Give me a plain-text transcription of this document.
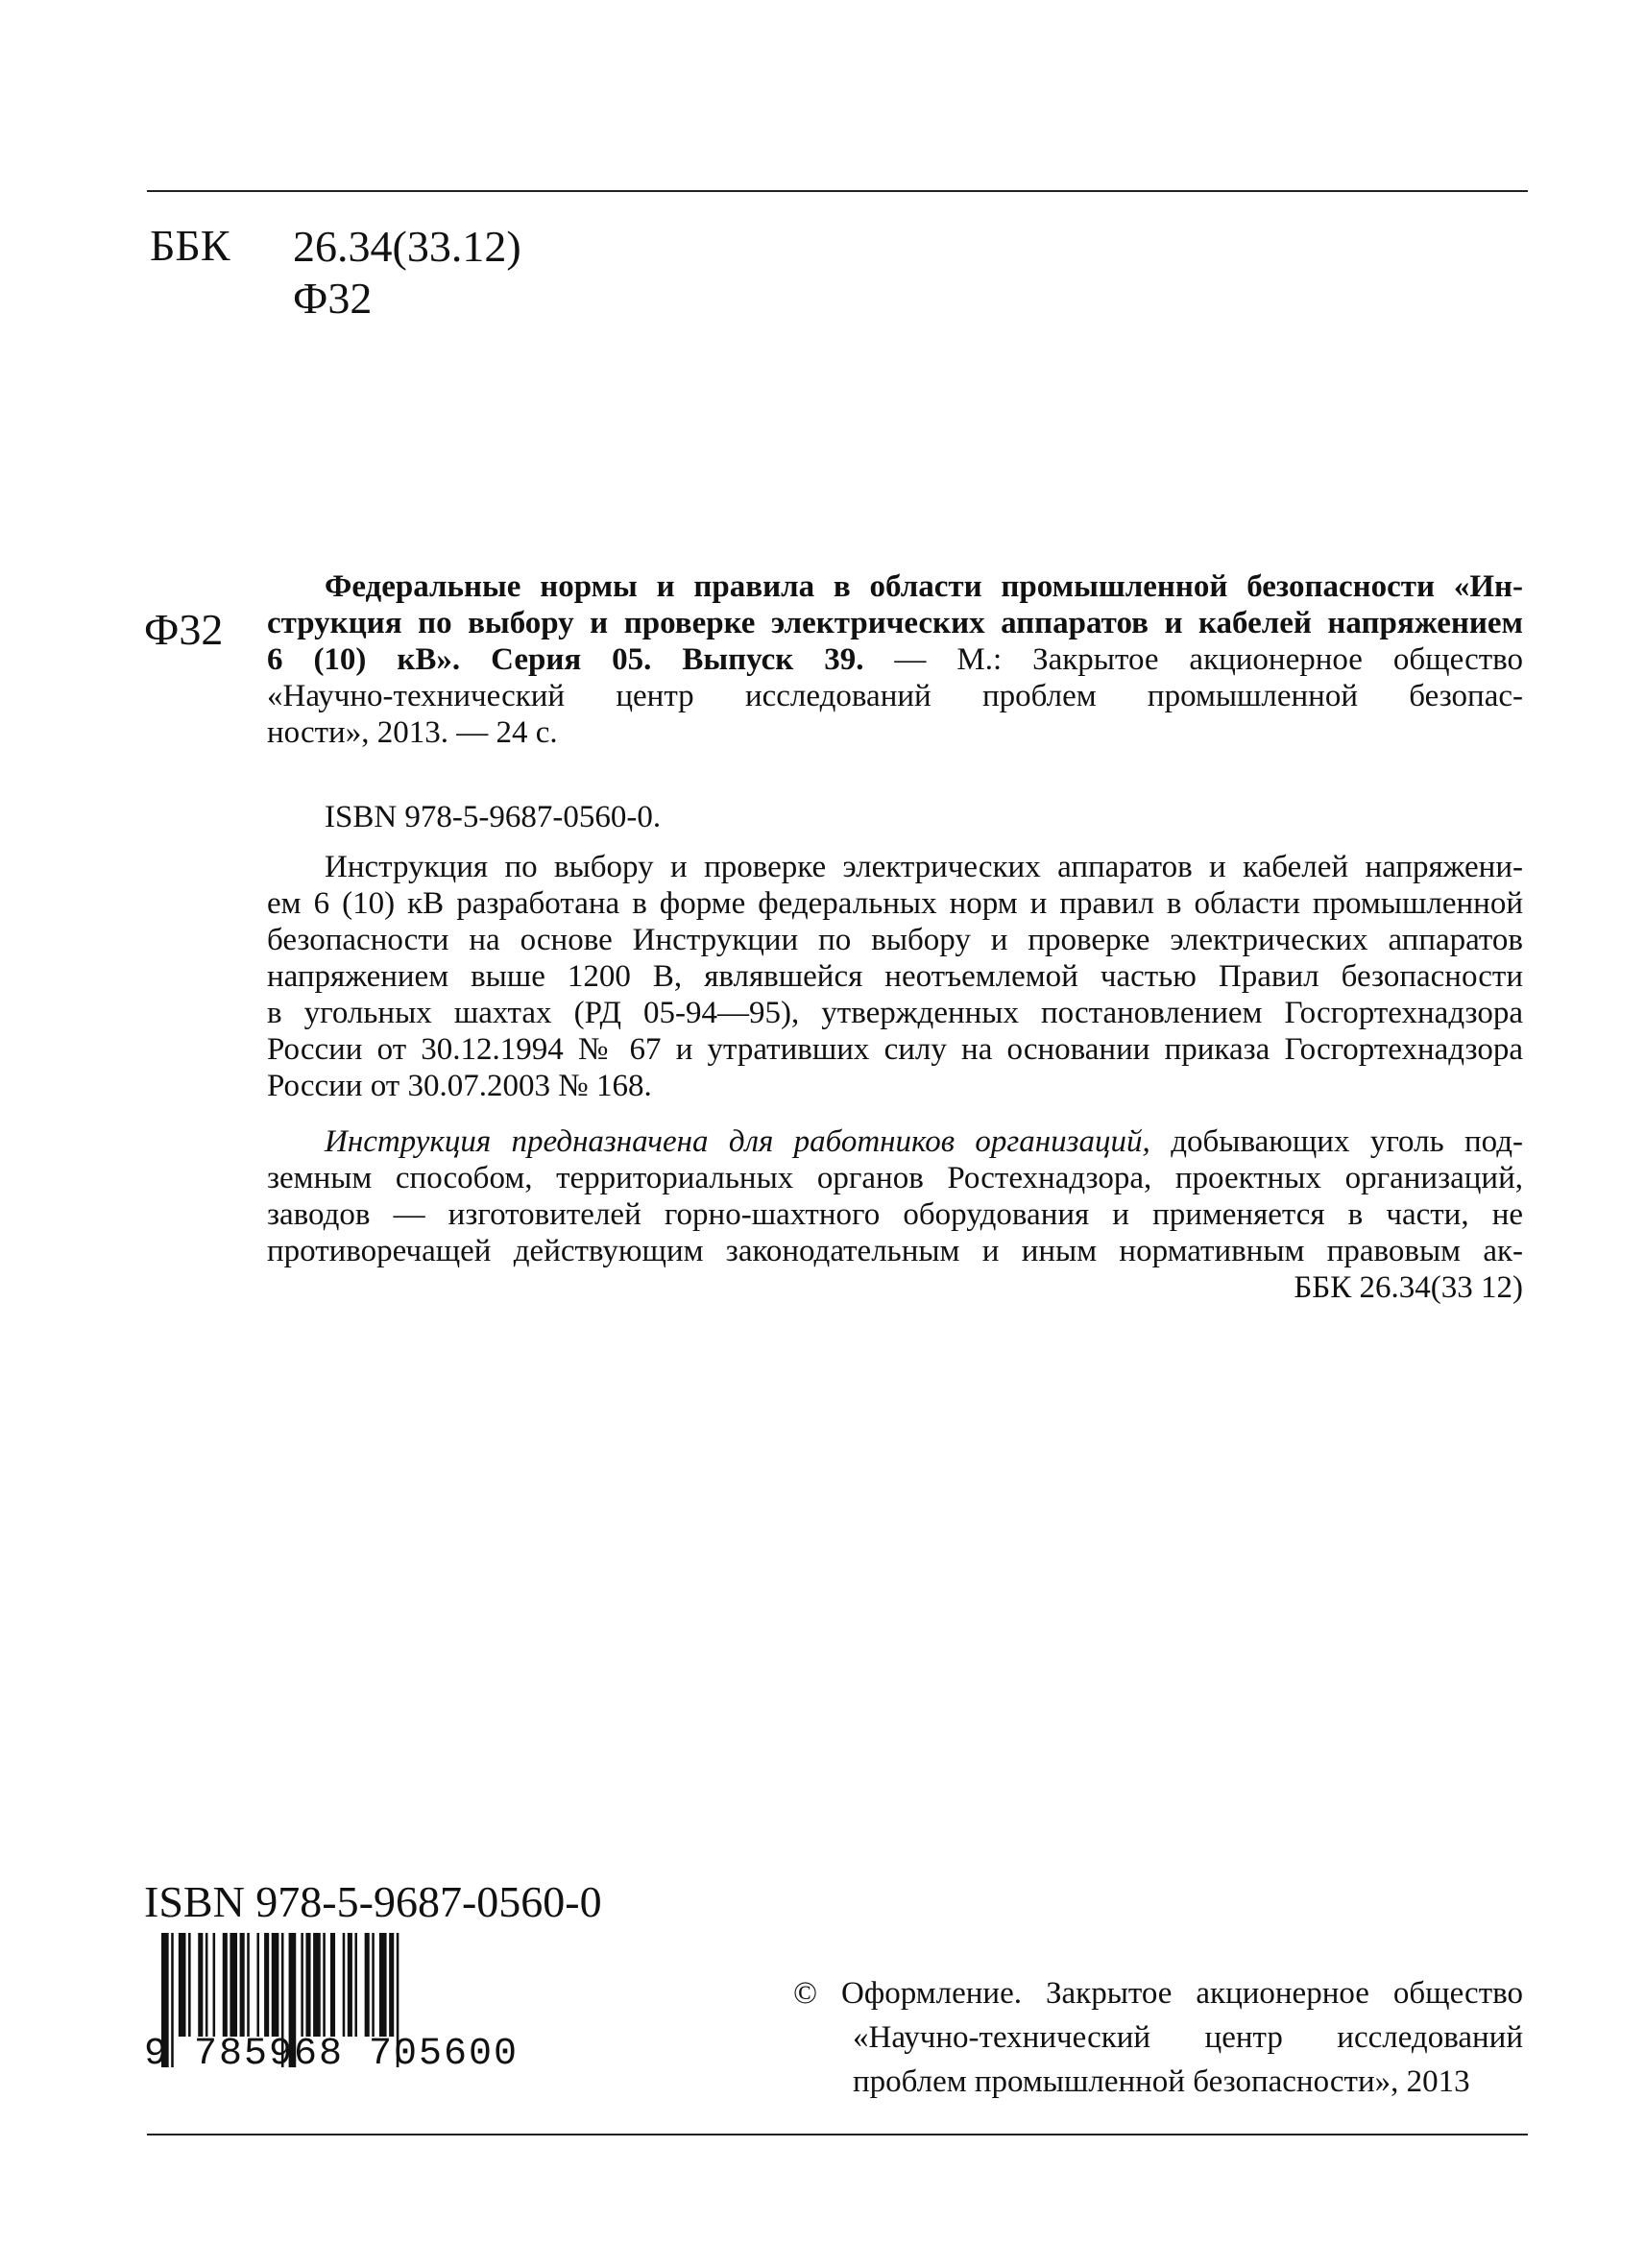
ББК 26.34(33.12)
Ф32
Ф32
Федеральные нормы и правила в области промышленной безопасности «Ин-
струкция по выбору и проверке электрических аппаратов и кабелей напряжением
6 (10) кВ». Серия 05. Выпуск 39. — М.: Закрытое акционерное общество
«Научно-технический центр исследований проблем промышленной безопас-
ности», 2013. — 24 с.
ISBN 978-5-9687-0560-0.
Инструкция по выбору и проверке электрических аппаратов и кабелей напряжени-
ем 6 (10) кВ разработана в форме федеральных норм и правил в области промышленной
безопасности на основе Инструкции по выбору и проверке электрических аппаратов
напряжением выше 1200 В, являвшейся неотъемлемой частью Правил безопасности
в угольных шахтах (РД 05-94—95), утвержденных постановлением Госгортехнадзора
России от 30.12.1994 № 67 и утративших силу на основании приказа Госгортехнадзора
России от 30.07.2003 № 168.
Инструкция предназначена для работников организаций, добывающих уголь под-
земным способом, территориальных органов Ростехнадзора, проектных организаций,
заводов — изготовителей горно-шахтного оборудования и применяется в части, не
противоречащей действующим законодательным и иным нормативным правовым ак-
ББК 26.34(33 12)
ISBN 978-5-9687-0560-0
9 785968 705600
© Оформление. Закрытое акционерное общество
«Научно-технический центр исследований
проблем промышленной безопасности», 2013
